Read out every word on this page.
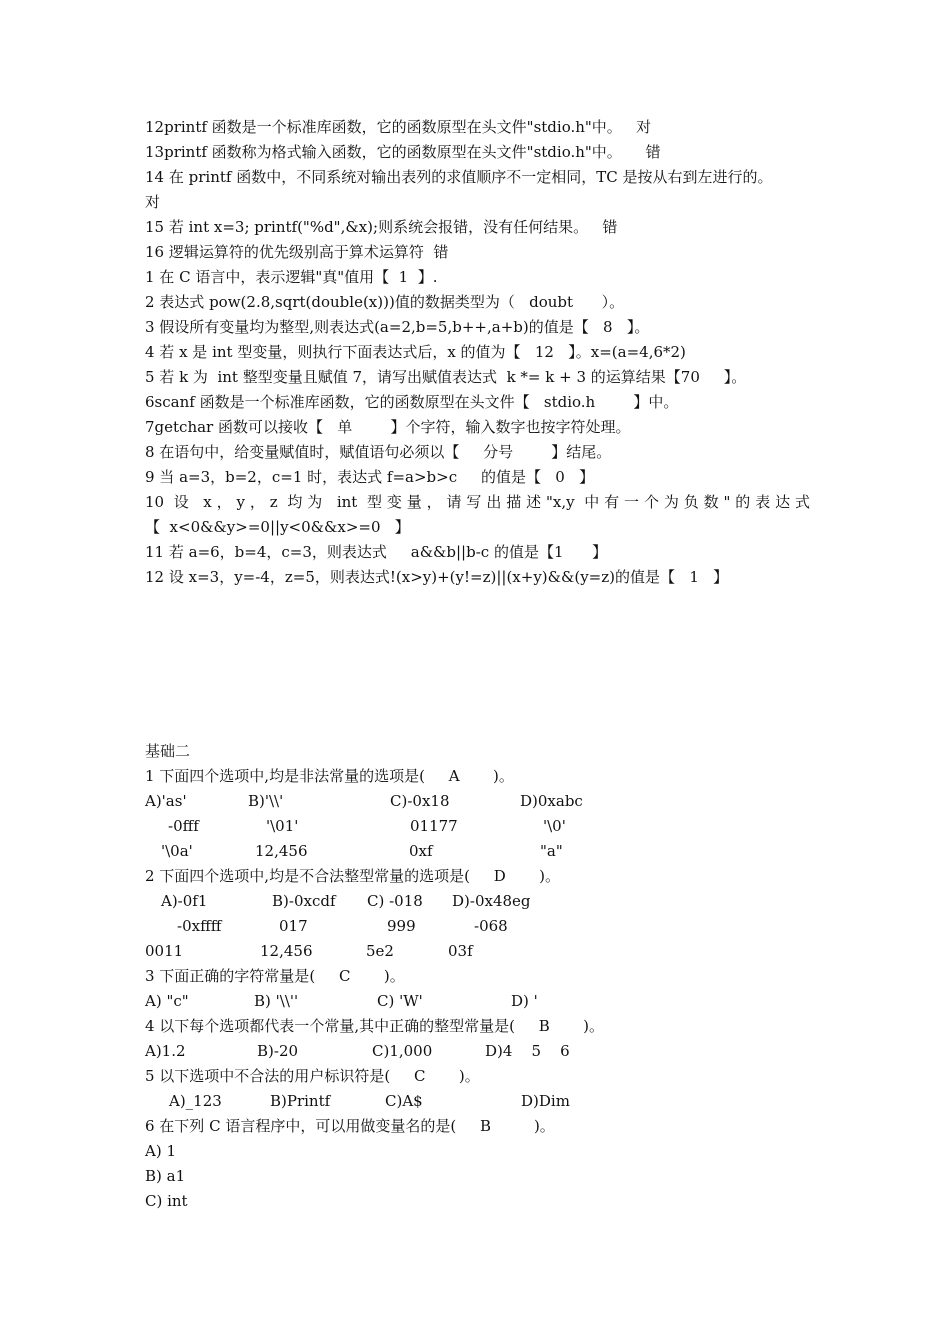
12printf 函数是一个标准库函数，它的函数原型在头文件"stdio.h"中。   对
13printf 函数称为格式输入函数，它的函数原型在头文件"stdio.h"中。     错
14 在 printf 函数中，不同系统对输出表列的求值顺序不一定相同，TC 是按从右到左进行的。
对
15 若 int x=3; printf("%d",&x);则系统会报错，没有任何结果。   错
16 逻辑运算符的优先级别高于算术运算符  错
1 在 C 语言中，表示逻辑"真"值用【  1  】.
2 表达式 pow(2.8,sqrt(double(x)))值的数据类型为（   doubt      ）。
3 假设所有变量均为整型,则表达式(a=2,b=5,b++,a+b)的值是【   8   】。
4 若 x 是 int 型变量，则执行下面表达式后，x 的值为【   12   】。x=(a=4,6*2)
5 若 k 为  int 整型变量且赋值 7，请写出赋值表达式  k *= k + 3 的运算结果【70     】。
6scanf 函数是一个标准库函数，它的函数原型在头文件【   stdio.h        】中。
7getchar 函数可以接收【   单        】个字符，输入数字也按字符处理。
8 在语句中，给变量赋值时，赋值语句必须以【     分号        】结尾。
9 当 a=3，b=2，c=1 时，表达式 f=a>b>c     的值是【   0   】
10 设 x，y，z 均为 int 型变量，请写出描述"x,y 中有一个为负数"的表达式
【  x<0&&y>=0||y<0&&x>=0   】
11 若 a=6，b=4，c=3，则表达式     a&&b||b-c 的值是【1      】
12 设 x=3，y=-4，z=5，则表达式!(x>y)+(y!=z)||(x+y)&&(y=z)的值是【   1   】
基础二
1 下面四个选项中,均是非法常量的选项是(     A       )。
A)'as'	B)'\\'	C)-0x18	D)0xabc
-0fff	'\01'	01177	'\0'
'\0a'	12,456	0xf	"a"
2 下面四个选项中,均是不合法整型常量的选项是(     D       )。
A)-0f1	B)-0xcdf C) -018 D)-0x48eg
-0xffff	017	999	-068
0011	12,456	5e2	03f
3 下面正确的字符常量是(     C       )。
A) "c"	B) '\\''	C) 'W'	D) '
4 以下每个选项都代表一个常量,其中正确的整型常量是(     B       )。
A)1.2	B)-20	C)1,000	D)4    5    6
5 以下选项中不合法的用户标识符是(     C       )。
A)_123	B)Printf	C)A$	D)Dim
6 在下列 C 语言程序中，可以用做变量名的是(     B         )。
A) 1
B) a1
C) int
